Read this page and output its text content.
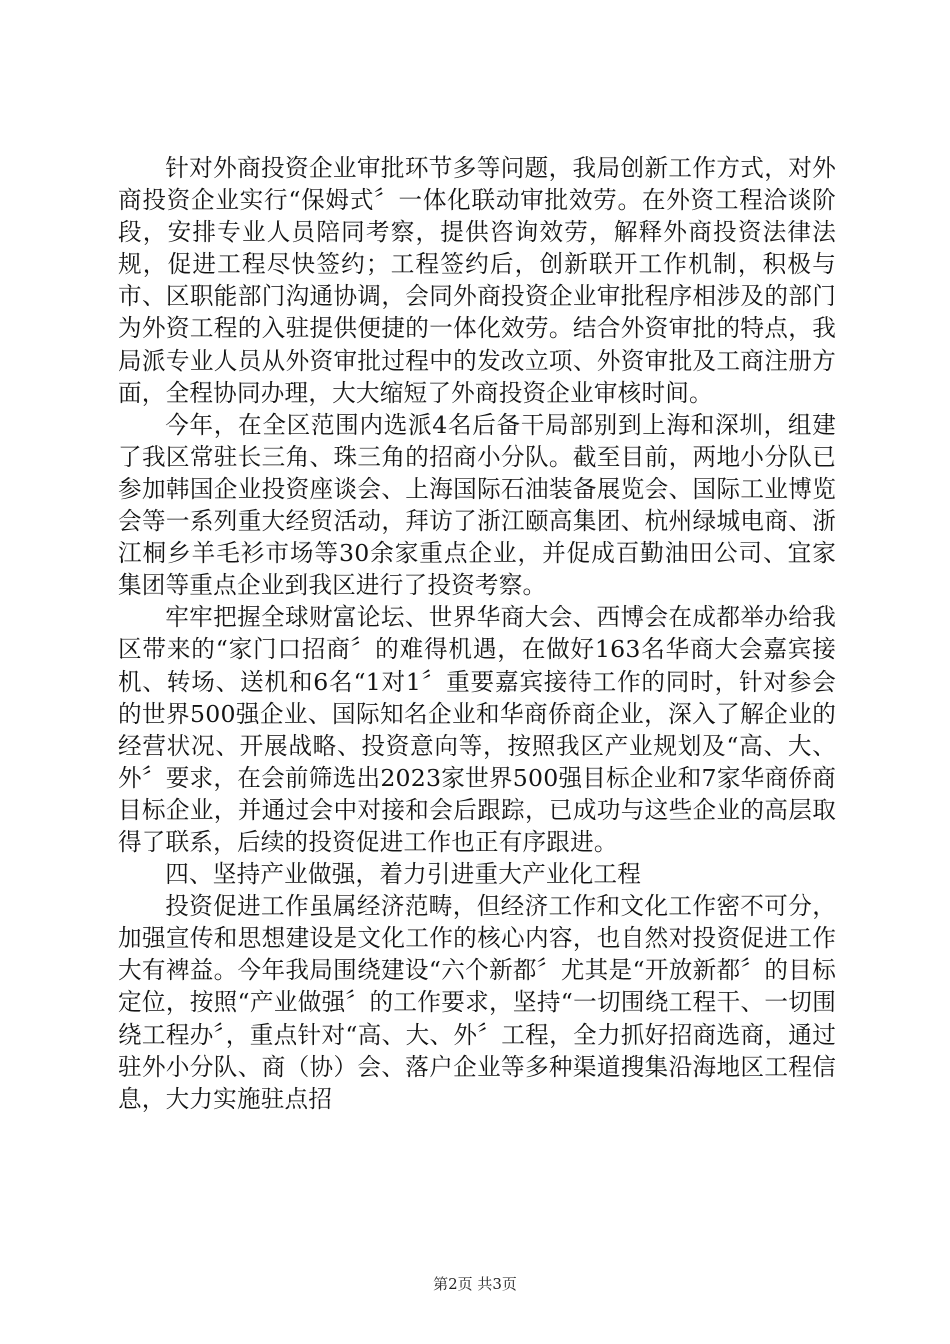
针对外商投资企业审批环节多等问题，我局创新工作方式，对外商投资企业实行“保姆式〞一体化联动审批效劳。在外资工程洽谈阶段，安排专业人员陪同考察，提供咨询效劳，解释外商投资法律法规，促进工程尽快签约；工程签约后，创新联开工作机制，积极与市、区职能部门沟通协调，会同外商投资企业审批程序相涉及的部门为外资工程的入驻提供便捷的一体化效劳。结合外资审批的特点，我局派专业人员从外资审批过程中的发改立项、外资审批及工商注册方面，全程协同办理，大大缩短了外商投资企业审核时间。

今年，在全区范围内选派4名后备干局部别到上海和深圳，组建了我区常驻长三角、珠三角的招商小分队。截至目前，两地小分队已参加韩国企业投资座谈会、上海国际石油装备展览会、国际工业博览会等一系列重大经贸活动，拜访了浙江颐高集团、杭州绿城电商、浙江桐乡羊毛衫市场等30余家重点企业，并促成百勤油田公司、宜家集团等重点企业到我区进行了投资考察。

牢牢把握全球财富论坛、世界华商大会、西博会在成都举办给我区带来的“家门口招商〞的难得机遇，在做好163名华商大会嘉宾接机、转场、送机和6名“1对1〞重要嘉宾接待工作的同时，针对参会的世界500强企业、国际知名企业和华商侨商企业，深入了解企业的经营状况、开展战略、投资意向等，按照我区产业规划及“高、大、外〞要求，在会前筛选出2023家世界500强目标企业和7家华商侨商目标企业，并通过会中对接和会后跟踪，已成功与这些企业的高层取得了联系，后续的投资促进工作也正有序跟进。

四、坚持产业做强，着力引进重大产业化工程

投资促进工作虽属经济范畴，但经济工作和文化工作密不可分，加强宣传和思想建设是文化工作的核心内容，也自然对投资促进工作大有裨益。今年我局围绕建设“六个新都〞尤其是“开放新都〞的目标定位，按照“产业做强〞的工作要求，坚持“一切围绕工程干、一切围绕工程办〞，重点针对“高、大、外〞工程，全力抓好招商选商，通过驻外小分队、商（协）会、落户企业等多种渠道搜集沿海地区工程信息，大力实施驻点招

第2页 共3页
